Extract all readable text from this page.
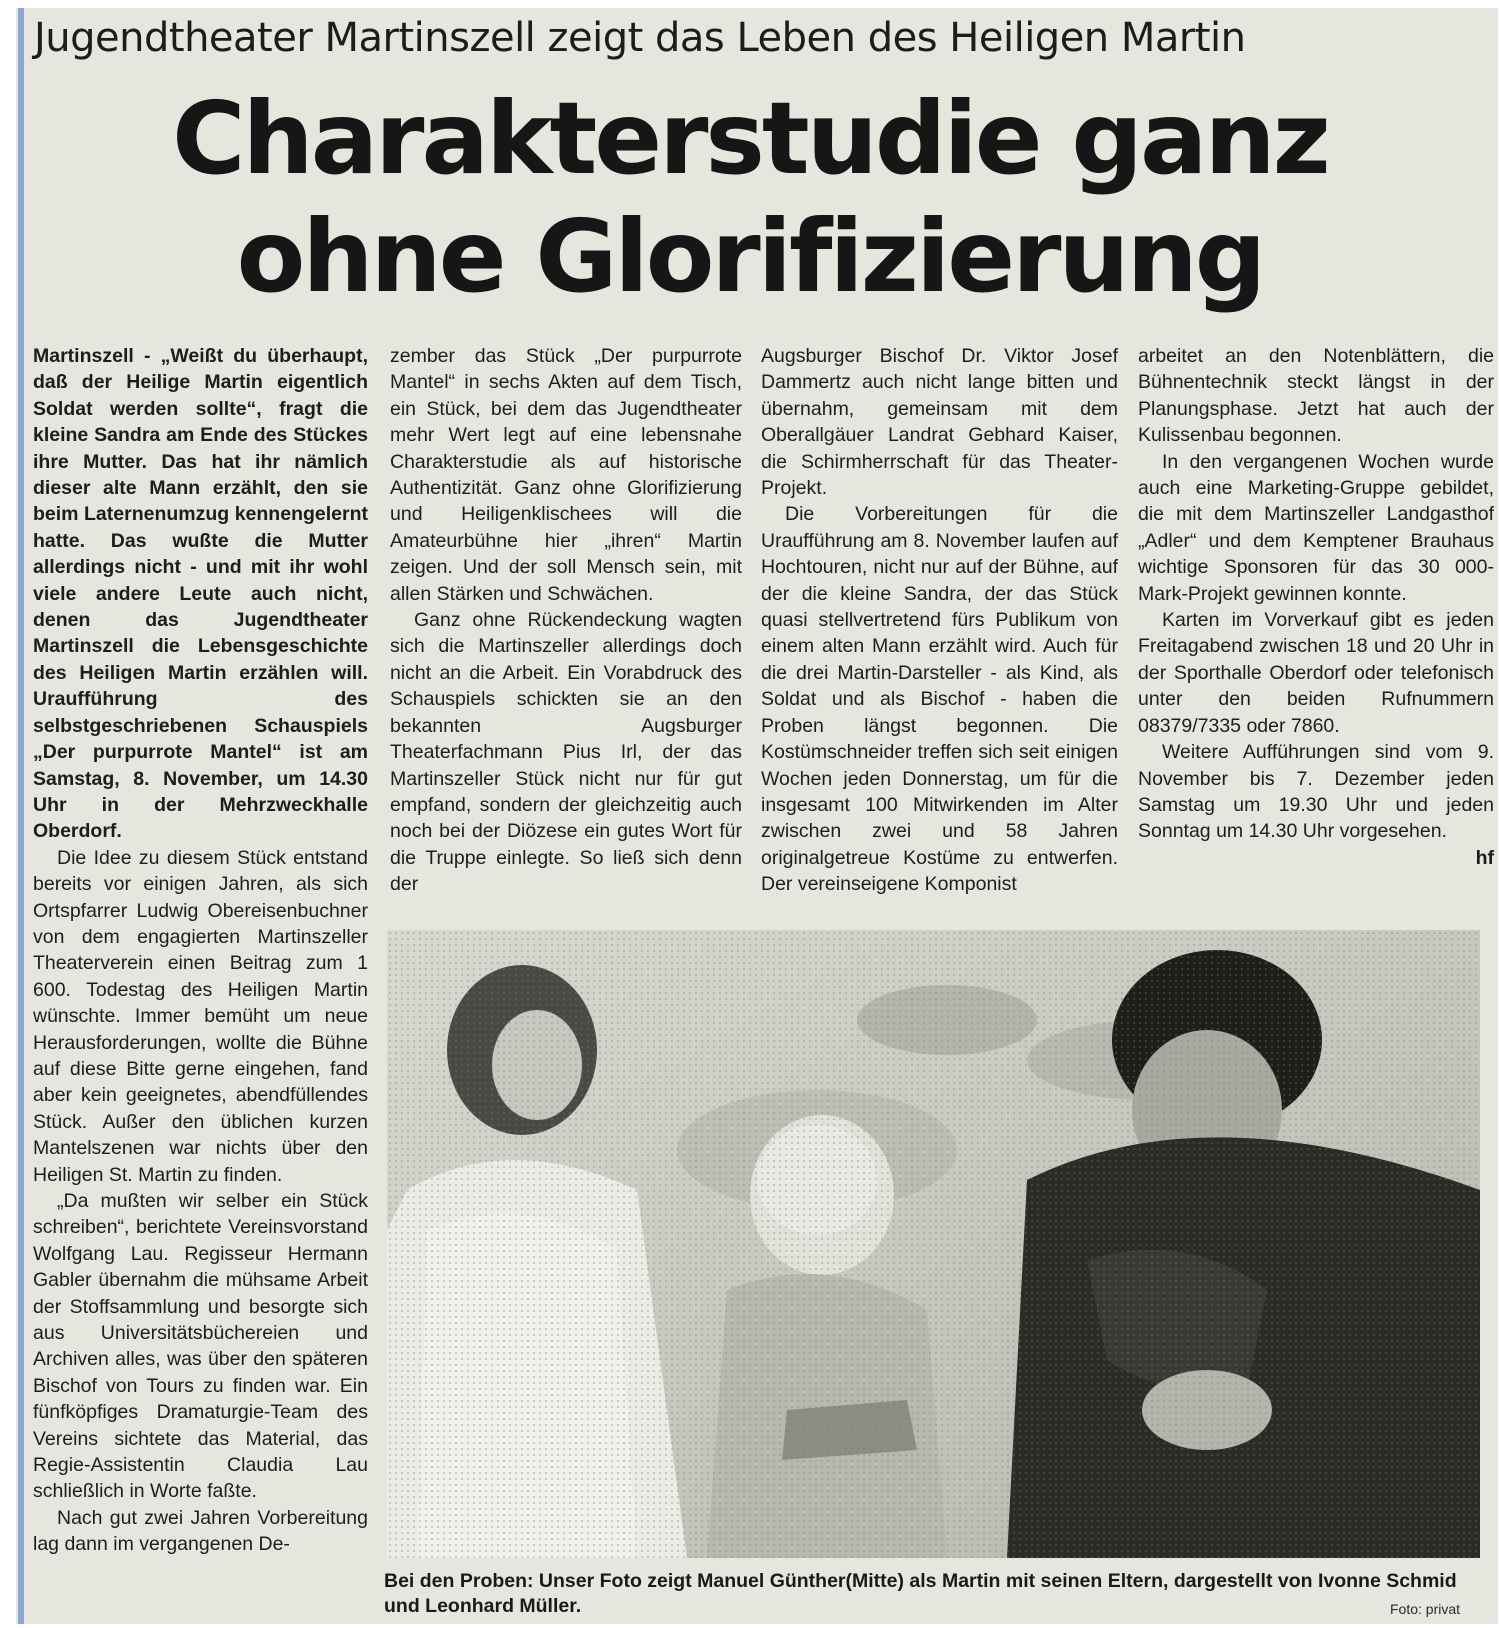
Jugendtheater Martinszell zeigt das Leben des Heiligen Martin
Charakterstudie ganz
ohne Glorifizierung

Martinszell - „Weißt du überhaupt, daß der Heilige Martin eigentlich Soldat werden sollte“, fragt die kleine Sandra am Ende des Stückes ihre Mutter. Das hat ihr nämlich dieser alte Mann erzählt, den sie beim Laternenumzug kennengelernt hatte. Das wußte die Mutter allerdings nicht - und mit ihr wohl viele andere Leute auch nicht, denen das Jugendtheater Martinszell die Lebensgeschichte des Heiligen Martin erzählen will. Uraufführung des selbstgeschriebenen Schauspiels „Der purpurrote Mantel“ ist am Samstag, 8. November, um 14.30 Uhr in der Mehrzweckhalle Oberdorf.

Die Idee zu diesem Stück entstand bereits vor einigen Jahren, als sich Ortspfarrer Ludwig Obereisenbuchner von dem engagierten Martinszeller Theaterverein einen Beitrag zum 1 600. Todestag des Heiligen Martin wünschte. Immer bemüht um neue Herausforderungen, wollte die Bühne auf diese Bitte gerne eingehen, fand aber kein geeignetes, abendfüllendes Stück. Außer den üblichen kurzen Mantelszenen war nichts über den Heiligen St. Martin zu finden.

„Da mußten wir selber ein Stück schreiben“, berichtete Vereinsvorstand Wolfgang Lau. Regisseur Hermann Gabler übernahm die mühsame Arbeit der Stoffsammlung und besorgte sich aus Universitätsbüchereien und Archiven alles, was über den späteren Bischof von Tours zu finden war. Ein fünfköpfiges Dramaturgie-Team des Vereins sichtete das Material, das Regie-Assistentin Claudia Lau schließlich in Worte faßte.

Nach gut zwei Jahren Vorbereitung lag dann im vergangenen De-

zember das Stück „Der purpurrote Mantel“ in sechs Akten auf dem Tisch, ein Stück, bei dem das Jugendtheater mehr Wert legt auf eine lebensnahe Charakterstudie als auf historische Authentizität. Ganz ohne Glorifizierung und Heiligenklischees will die Amateurbühne hier „ihren“ Martin zeigen. Und der soll Mensch sein, mit allen Stärken und Schwächen.

Ganz ohne Rückendeckung wagten sich die Martinszeller allerdings doch nicht an die Arbeit. Ein Vorabdruck des Schauspiels schickten sie an den bekannten Augsburger Theaterfachmann Pius Irl, der das Martinszeller Stück nicht nur für gut empfand, sondern der gleichzeitig auch noch bei der Diözese ein gutes Wort für die Truppe einlegte. So ließ sich denn der

Augsburger Bischof Dr. Viktor Josef Dammertz auch nicht lange bitten und übernahm, gemeinsam mit dem Oberallgäuer Landrat Gebhard Kaiser, die Schirmherrschaft für das Theater-Projekt.

Die Vorbereitungen für die Uraufführung am 8. November laufen auf Hochtouren, nicht nur auf der Bühne, auf der die kleine Sandra, der das Stück quasi stellvertretend fürs Publikum von einem alten Mann erzählt wird. Auch für die drei Martin-Darsteller - als Kind, als Soldat und als Bischof - haben die Proben längst begonnen. Die Kostümschneider treffen sich seit einigen Wochen jeden Donnerstag, um für die insgesamt 100 Mitwirkenden im Alter zwischen zwei und 58 Jahren originalgetreue Kostüme zu entwerfen. Der vereinseigene Komponist

arbeitet an den Notenblättern, die Bühnentechnik steckt längst in der Planungsphase. Jetzt hat auch der Kulissenbau begonnen.

In den vergangenen Wochen wurde auch eine Marketing-Gruppe gebildet, die mit dem Martinszeller Landgasthof „Adler“ und dem Kemptener Brauhaus wichtige Sponsoren für das 30 000-Mark-Projekt gewinnen konnte.

Karten im Vorverkauf gibt es jeden Freitagabend zwischen 18 und 20 Uhr in der Sporthalle Oberdorf oder telefonisch unter den beiden Rufnummern 08379/7335 oder 7860.

Weitere Aufführungen sind vom 9. November bis 7. Dezember jeden Samstag um 19.30 Uhr und jeden Sonntag um 14.30 Uhr vorgesehen.

hf

Bei den Proben: Unser Foto zeigt Manuel Günther(Mitte) als Martin mit seinen Eltern, dargestellt von Ivonne Schmid und Leonhard Müller.	Foto: privat
